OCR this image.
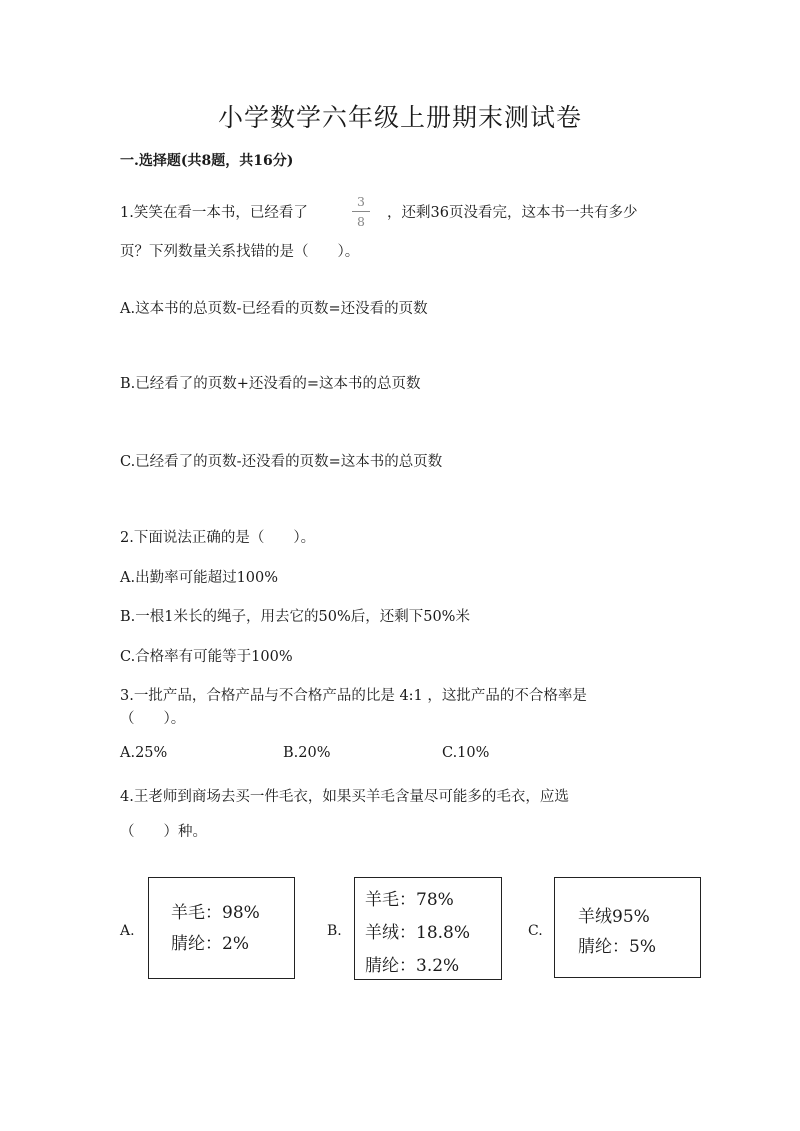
小学数学六年级上册期末测试卷
一.选择题(共8题，共16分)
1.笑笑在看一本书，已经看了
3
8
，还剩36页没看完，这本书一共有多少
页？下列数量关系找错的是（　　）。
A.这本书的总页数-已经看的页数=还没看的页数
B.已经看了的页数+还没看的=这本书的总页数
C.已经看了的页数-还没看的页数=这本书的总页数
2.下面说法正确的是（　　）。
A.出勤率可能超过100%
B.一根1米长的绳子，用去它的50%后，还剩下50%米
C.合格率有可能等于100%
3.一批产品，合格产品与不合格产品的比是 4:1 ，这批产品的不合格率是
（　　）。
A.25%	B.20%	C.10%
4.王老师到商场去买一件毛衣，如果买羊毛含量尽可能多的毛衣，应选
（　　）种。
A.
羊毛：98%
腈纶：2%
B.
羊毛：78%
羊绒：18.8%
腈纶：3.2%
C.
羊绒95%
腈纶：5%
